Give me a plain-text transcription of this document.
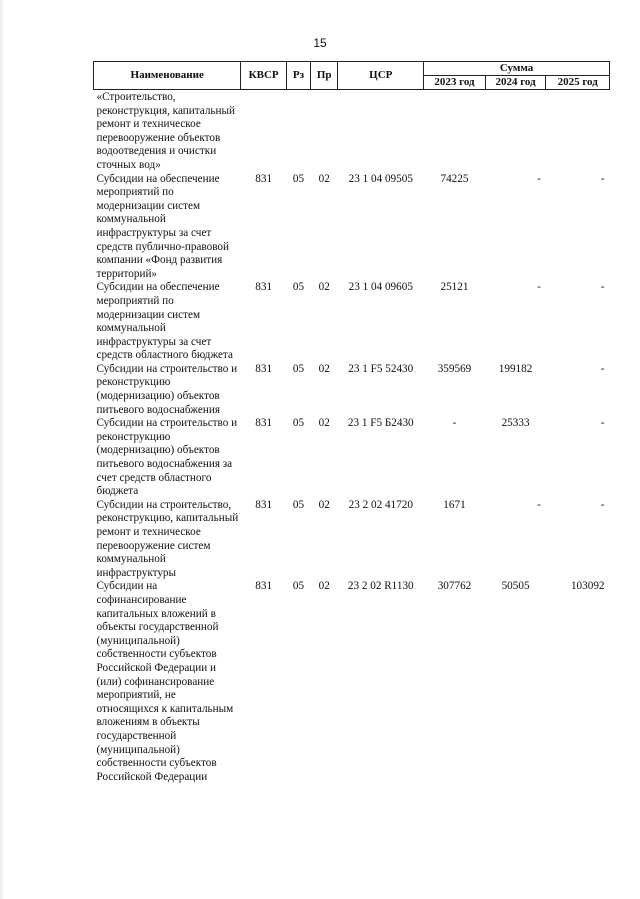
15
Наименование	КВСР	Рз	Пр	ЦСР	Сумма		
					2023 год	2024 год	2025 год
«Строительство, реконструкция, капитальный ремонт и техническое перевооружение объектов водоотведения и очистки сточных вод»							
Субсидии на обеспечение мероприятий по модернизации систем коммунальной инфраструктуры за счет средств публично-правовой компании «Фонд развития территорий»	831	05	02	23 1 04 09505	74225	-	-
Субсидии на обеспечение мероприятий по модернизации систем коммунальной инфраструктуры за счет средств областного бюджета	831	05	02	23 1 04 09605	25121	-	-
Субсидии на строительство и реконструкцию (модернизацию) объектов питьевого водоснабжения	831	05	02	23 1 F5 52430	359569	199182	-
Субсидии на строительство и реконструкцию (модернизацию) объектов питьевого водоснабжения за счет средств областного бюджета	831	05	02	23 1 F5 Б2430	-	25333	-
Субсидии на строительство, реконструкцию, капитальный ремонт и техническое перевооружение систем коммунальной инфраструктуры	831	05	02	23 2 02 41720	1671	-	-
Субсидии на софинансирование капитальных вложений в объекты государственной (муниципальной) собственности субъектов Российской Федерации и (или) софинансирование мероприятий, не относящихся к капитальным вложениям в объекты государственной (муниципальной) собственности субъектов Российской Федерации	831	05	02	23 2 02 R1130	307762	50505	103092
